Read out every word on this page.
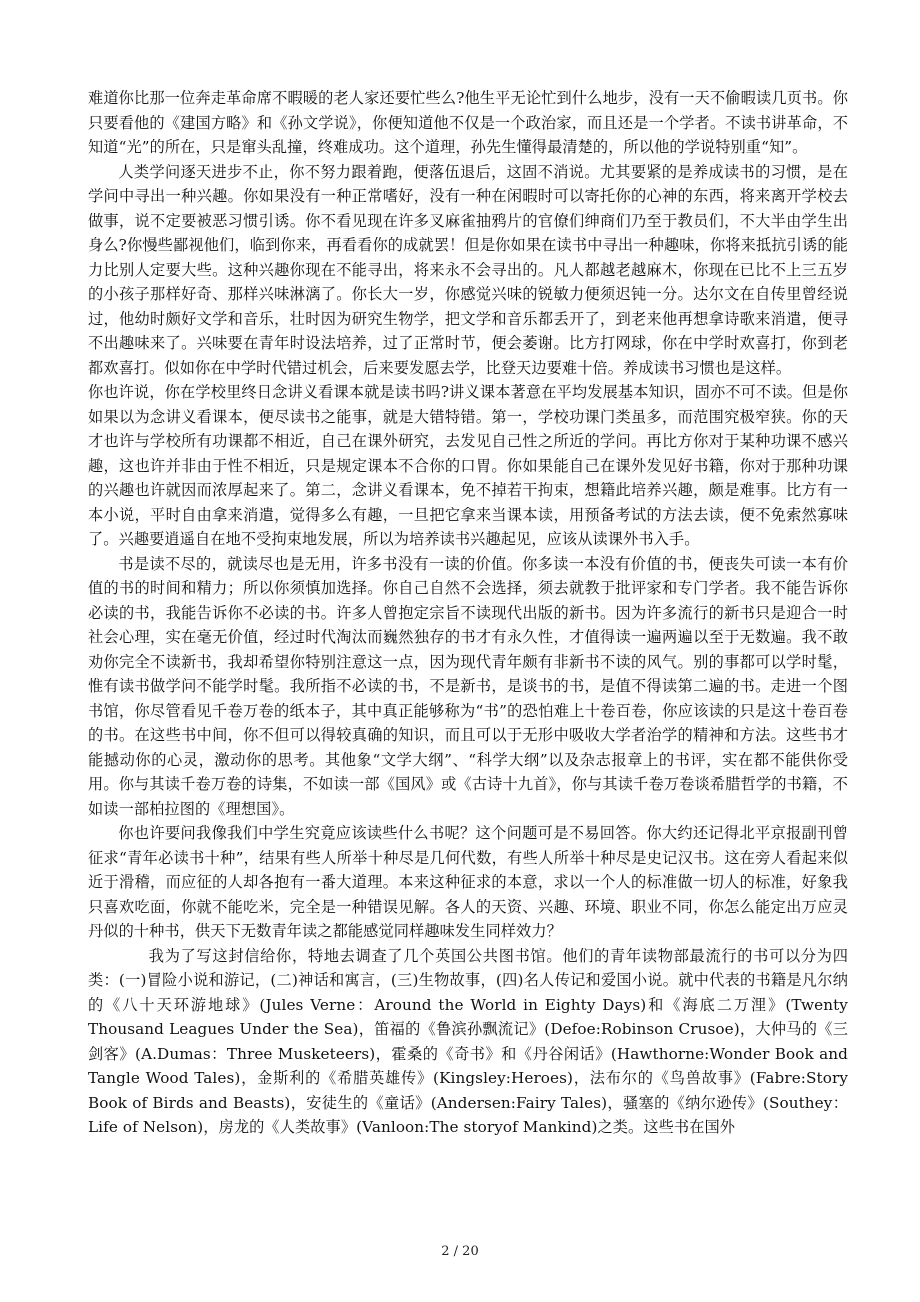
难道你比那一位奔走革命席不暇暖的老人家还要忙些么?他生平无论忙到什么地步，没有一天不偷暇读几页书。你只要看他的《建国方略》和《孙文学说》，你便知道他不仅是一个政治家，而且还是一个学者。不读书讲革命，不知道“光”的所在，只是窜头乱撞，终难成功。这个道理，孙先生懂得最清楚的，所以他的学说特别重“知”。

人类学问逐天进步不止，你不努力跟着跑，便落伍退后，这固不消说。尤其要紧的是养成读书的习惯，是在学问中寻出一种兴趣。你如果没有一种正常嗜好，没有一种在闲暇时可以寄托你的心神的东西，将来离开学校去做事，说不定要被恶习惯引诱。你不看见现在许多叉麻雀抽鸦片的官僚们绅商们乃至于教员们，不大半由学生出身么?你慢些鄙视他们，临到你来，再看看你的成就罢！但是你如果在读书中寻出一种趣味，你将来抵抗引诱的能力比别人定要大些。这种兴趣你现在不能寻出，将来永不会寻出的。凡人都越老越麻木，你现在已比不上三五岁的小孩子那样好奇、那样兴味淋漓了。你长大一岁，你感觉兴味的锐敏力便须迟钝一分。达尔文在自传里曾经说过，他幼时颇好文学和音乐，壮时因为研究生物学，把文学和音乐都丢开了，到老来他再想拿诗歌来消遣，便寻不出趣味来了。兴味要在青年时设法培养，过了正常时节，便会萎谢。比方打网球，你在中学时欢喜打，你到老都欢喜打。似如你在中学时代错过机会，后来要发愿去学，比登天边要难十倍。养成读书习惯也是这样。

你也许说，你在学校里终日念讲义看课本就是读书吗?讲义课本著意在平均发展基本知识，固亦不可不读。但是你如果以为念讲义看课本，便尽读书之能事，就是大错特错。第一，学校功课门类虽多，而范围究极窄狭。你的天才也许与学校所有功课都不相近，自己在课外研究，去发见自己性之所近的学问。再比方你对于某种功课不感兴趣，这也许并非由于性不相近，只是规定课本不合你的口胃。你如果能自己在课外发见好书籍，你对于那种功课的兴趣也许就因而浓厚起来了。第二，念讲义看课本，免不掉若干拘束，想籍此培养兴趣，颇是难事。比方有一本小说，平时自由拿来消遣，觉得多么有趣，一旦把它拿来当课本读，用预备考试的方法去读，便不免索然寡味了。兴趣要逍遥自在地不受拘束地发展，所以为培养读书兴趣起见，应该从读课外书入手。

书是读不尽的，就读尽也是无用，许多书没有一读的价值。你多读一本没有价值的书，便丧失可读一本有价值的书的时间和精力；所以你须慎加选择。你自己自然不会选择，须去就教于批评家和专门学者。我不能告诉你必读的书，我能告诉你不必读的书。许多人曾抱定宗旨不读现代出版的新书。因为许多流行的新书只是迎合一时社会心理，实在毫无价值，经过时代淘汰而巍然独存的书才有永久性，才值得读一遍两遍以至于无数遍。我不敢劝你完全不读新书，我却希望你特别注意这一点，因为现代青年颇有非新书不读的风气。别的事都可以学时髦，惟有读书做学问不能学时髦。我所指不必读的书，不是新书，是谈书的书，是值不得读第二遍的书。走进一个图书馆，你尽管看见千卷万卷的纸本子，其中真正能够称为“书”的恐怕难上十卷百卷，你应该读的只是这十卷百卷的书。在这些书中间，你不但可以得较真确的知识，而且可以于无形中吸收大学者治学的精神和方法。这些书才能撼动你的心灵，激动你的思考。其他象“文学大纲”、“科学大纲”以及杂志报章上的书评，实在都不能供你受用。你与其读千卷万卷的诗集，不如读一部《国风》或《古诗十九首》，你与其读千卷万卷谈希腊哲学的书籍，不如读一部柏拉图的《理想国》。

你也许要问我像我们中学生究竟应该读些什么书呢？这个问题可是不易回答。你大约还记得北平京报副刊曾征求“青年必读书十种”，结果有些人所举十种尽是几何代数，有些人所举十种尽是史记汉书。这在旁人看起来似近于滑稽，而应征的人却各抱有一番大道理。本来这种征求的本意，求以一个人的标准做一切人的标准，好象我只喜欢吃面，你就不能吃米，完全是一种错误见解。各人的天资、兴趣、环境、职业不同，你怎么能定出万应灵丹似的十种书，供天下无数青年读之都能感觉同样趣味发生同样效力？

我为了写这封信给你，特地去调查了几个英国公共图书馆。他们的青年读物部最流行的书可以分为四类：(一)冒险小说和游记，(二)神话和寓言，(三)生物故事，(四)名人传记和爱国小说。就中代表的书籍是凡尔纳的《八十天环游地球》(Jules Verne：Around the World in Eighty Days)和《海底二万浬》(Twenty Thousand Leagues Under the Sea)，笛福的《鲁滨孙飘流记》(Defoe:Robinson Crusoe)，大仲马的《三剑客》(A.Dumas：Three Musketeers)，霍桑的《奇书》和《丹谷闲话》(Hawthorne:Wonder Book and Tangle Wood Tales)，金斯利的《希腊英雄传》(Kingsley:Heroes)，法布尔的《鸟兽故事》(Fabre:Story Book of Birds and Beasts)，安徒生的《童话》(Andersen:Fairy Tales)，骚塞的《纳尔逊传》(Southey：Life of Nelson)，房龙的《人类故事》(Vanloon:The storyof Mankind)之类。这些书在国外

2 / 20
